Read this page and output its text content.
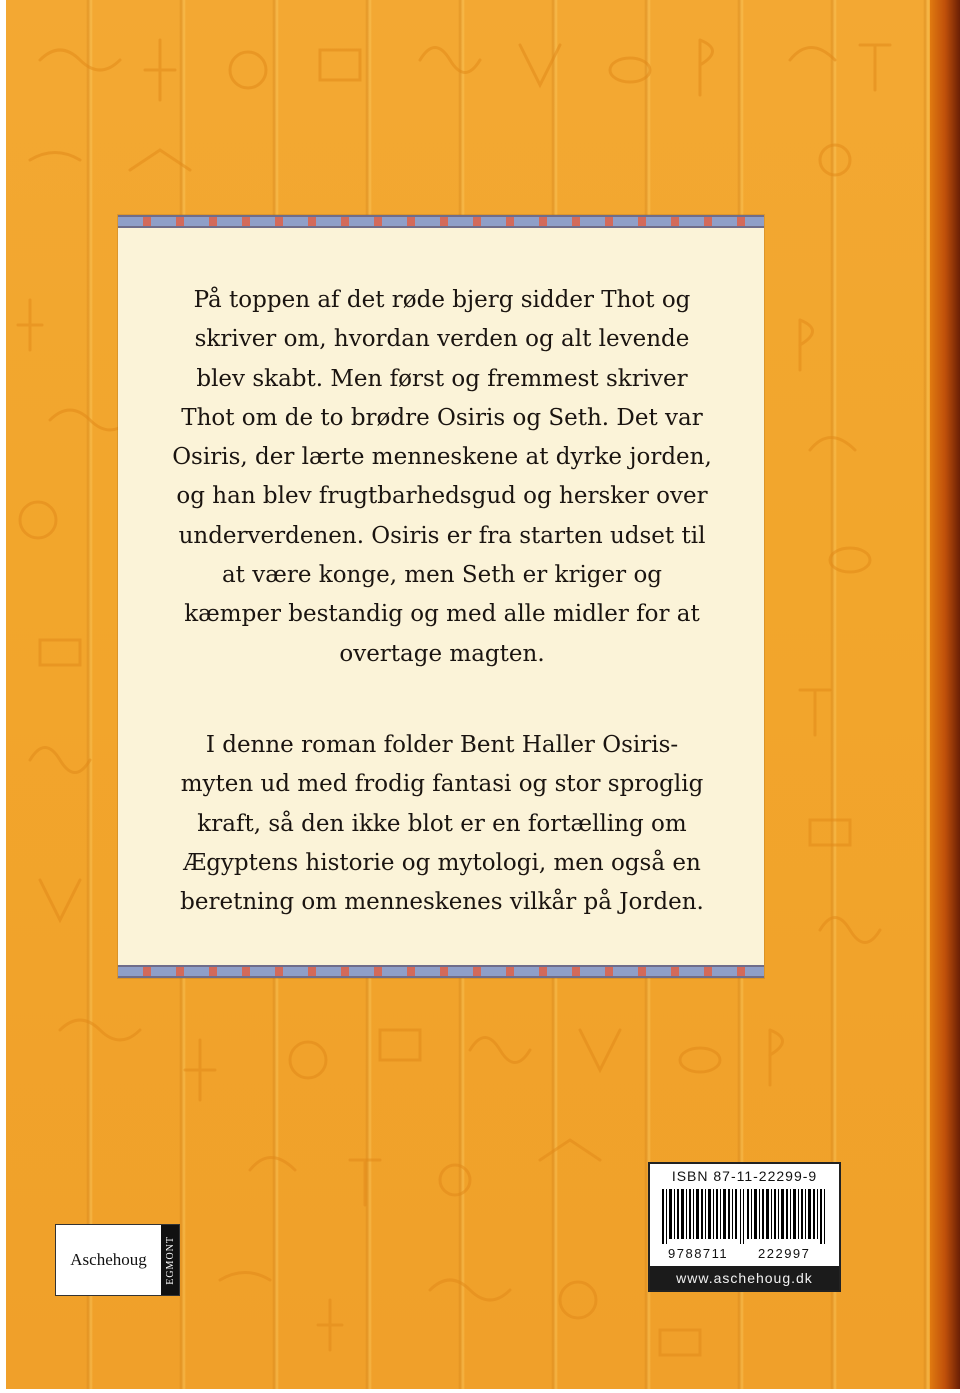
På toppen af det røde bjerg sidder Thot og skriver om, hvordan verden og alt levende blev skabt. Men først og fremmest skriver Thot om de to brødre Osiris og Seth. Det var Osiris, der lærte menneskene at dyrke jorden, og han blev frugtbarhedsgud og hersker over underverdenen. Osiris er fra starten udset til at være konge, men Seth er kriger og kæmper bestandig og med alle midler for at overtage magten.

I denne roman folder Bent Haller Osiris-myten ud med frodig fantasi og stor sproglig kraft, så den ikke blot er en fortælling om Ægyptens historie og mytologi, men også en beretning om menneskenes vilkår på Jorden.

Aschehoug	EGMONT
ISBN 87-11-22299-9
9788711 222997
www.aschehoug.dk
